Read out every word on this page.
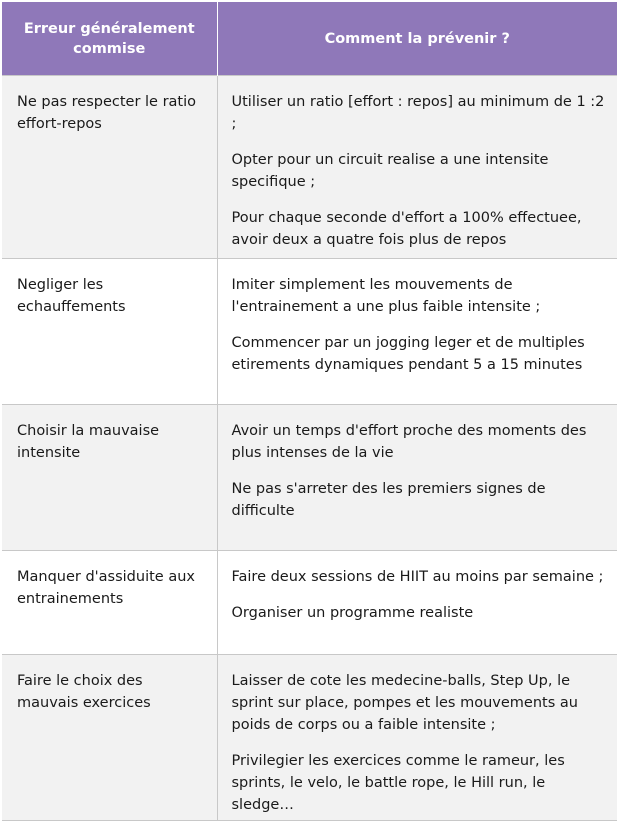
Erreur généralement commise	Comment la prévenir ?
Ne pas respecter le ratio effort-repos	Utiliser un ratio [effort : repos] au minimum de 1 :2 ;
Opter pour un circuit realise a une intensite specifique ;
Pour chaque seconde d'effort a 100% effectuee, avoir deux a quatre fois plus de repos

Negliger les echauffements	Imiter simplement les mouvements de l'entrainement a une plus faible intensite ;
Commencer par un jogging leger et de multiples etirements dynamiques pendant 5 a 15 minutes

Choisir la mauvaise intensite	Avoir un temps d'effort proche des moments des plus intenses de la vie
Ne pas s'arreter des les premiers signes de difficulte

Manquer d'assiduite aux entrainements	Faire deux sessions de HIIT au moins par semaine ;
Organiser un programme realiste

Faire le choix des mauvais exercices	Laisser de cote les medecine-balls, Step Up, le sprint sur place, pompes et les mouvements au poids de corps ou a faible intensite ;
Privilegier les exercices comme le rameur, les sprints, le velo, le battle rope, le Hill run, le sledge…
